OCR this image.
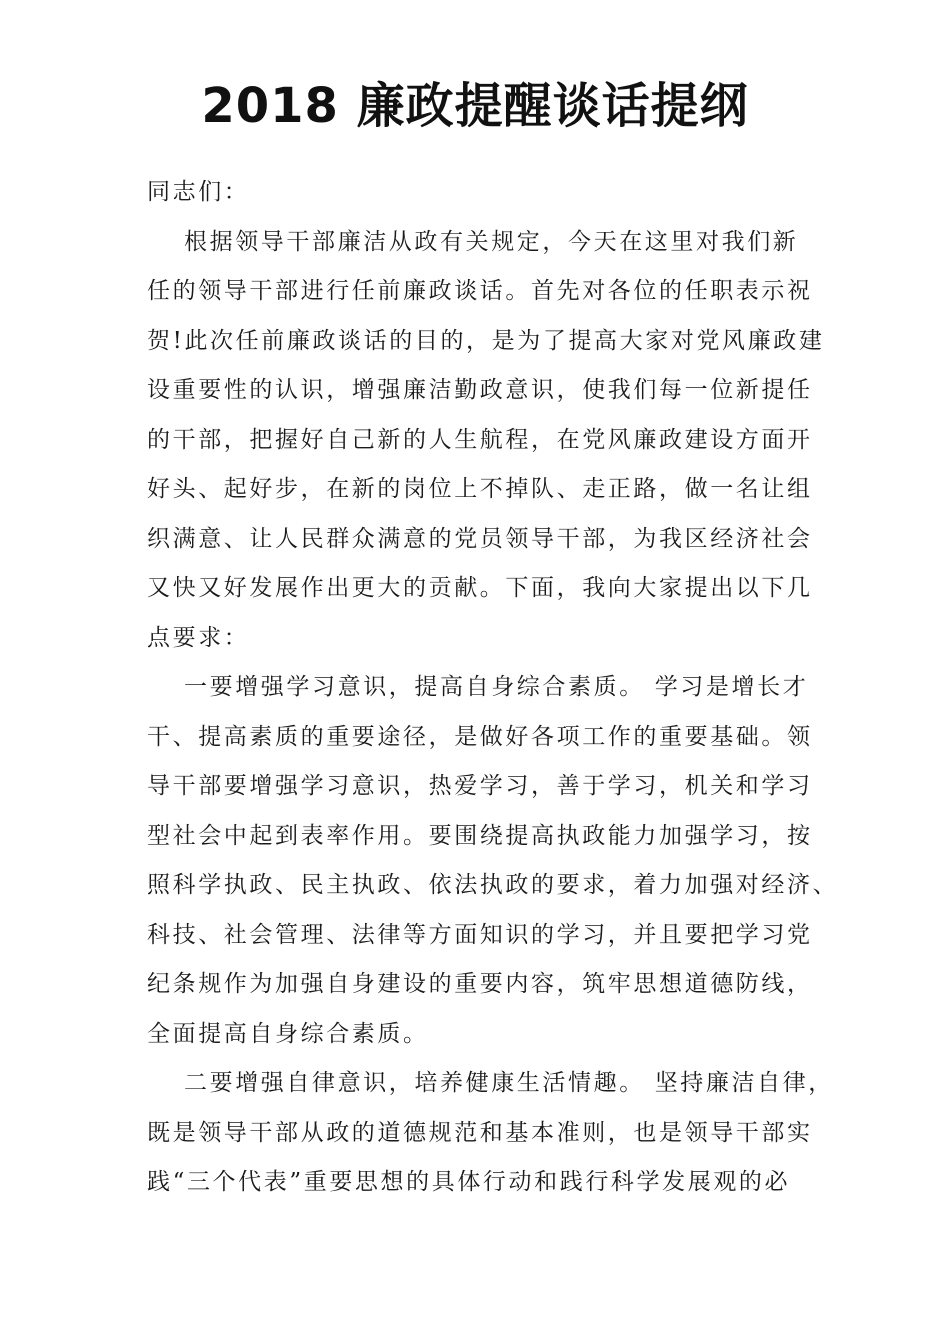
2018 廉政提醒谈话提纲
同志们：
根据领导干部廉洁从政有关规定，今天在这里对我们新
任的领导干部进行任前廉政谈话。首先对各位的任职表示祝
贺!此次任前廉政谈话的目的，是为了提高大家对党风廉政建
设重要性的认识，增强廉洁勤政意识，使我们每一位新提任
的干部，把握好自己新的人生航程，在党风廉政建设方面开
好头、起好步，在新的岗位上不掉队、走正路，做一名让组
织满意、让人民群众满意的党员领导干部，为我区经济社会
又快又好发展作出更大的贡献。下面，我向大家提出以下几
点要求：
一要增强学习意识，提高自身综合素质。 学习是增长才
干、提高素质的重要途径，是做好各项工作的重要基础。领
导干部要增强学习意识，热爱学习，善于学习，机关和学习
型社会中起到表率作用。要围绕提高执政能力加强学习，按
照科学执政、民主执政、依法执政的要求，着力加强对经济、
科技、社会管理、法律等方面知识的学习，并且要把学习党
纪条规作为加强自身建设的重要内容，筑牢思想道德防线，
全面提高自身综合素质。
二要增强自律意识，培养健康生活情趣。 坚持廉洁自律，
既是领导干部从政的道德规范和基本准则，也是领导干部实
践“三个代表”重要思想的具体行动和践行科学发展观的必
